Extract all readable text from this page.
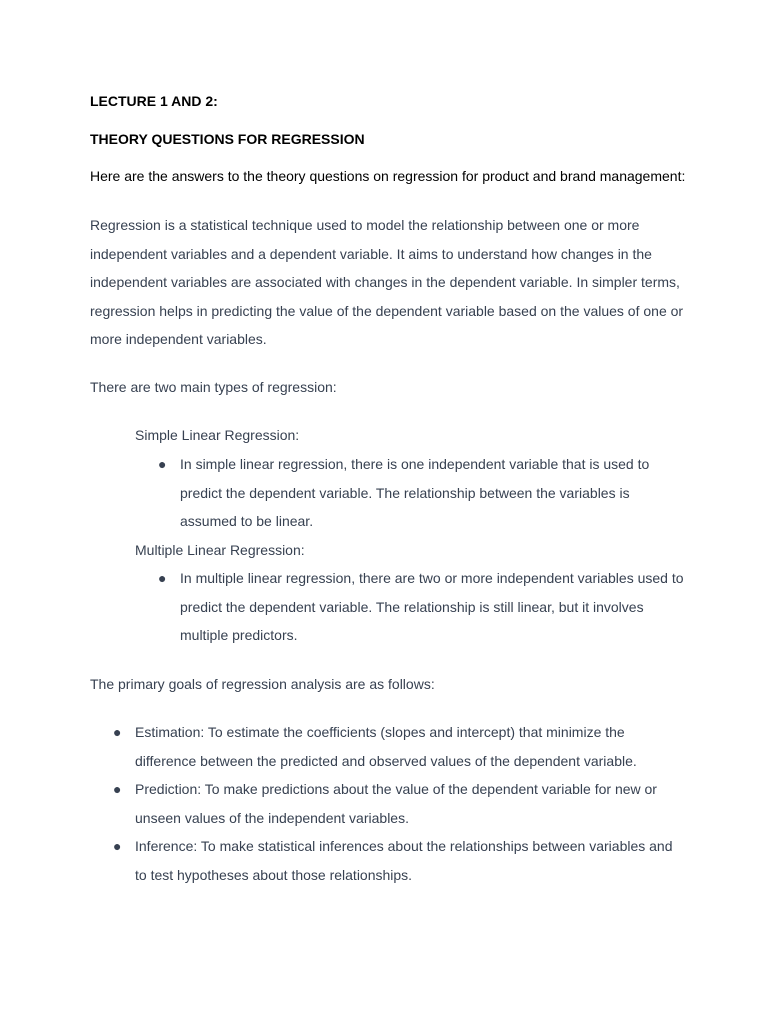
LECTURE 1 AND 2:
THEORY QUESTIONS FOR REGRESSION
Here are the answers to the theory questions on regression for product and brand management:
Regression is a statistical technique used to model the relationship between one or more
independent variables and a dependent variable. It aims to understand how changes in the
independent variables are associated with changes in the dependent variable. In simpler terms,
regression helps in predicting the value of the dependent variable based on the values of one or
more independent variables.
There are two main types of regression:
Simple Linear Regression:
● In simple linear regression, there is one independent variable that is used to
predict the dependent variable. The relationship between the variables is
assumed to be linear.
Multiple Linear Regression:
● In multiple linear regression, there are two or more independent variables used to
predict the dependent variable. The relationship is still linear, but it involves
multiple predictors.
The primary goals of regression analysis are as follows:
● Estimation: To estimate the coefficients (slopes and intercept) that minimize the
difference between the predicted and observed values of the dependent variable.
● Prediction: To make predictions about the value of the dependent variable for new or
unseen values of the independent variables.
● Inference: To make statistical inferences about the relationships between variables and
to test hypotheses about those relationships.
